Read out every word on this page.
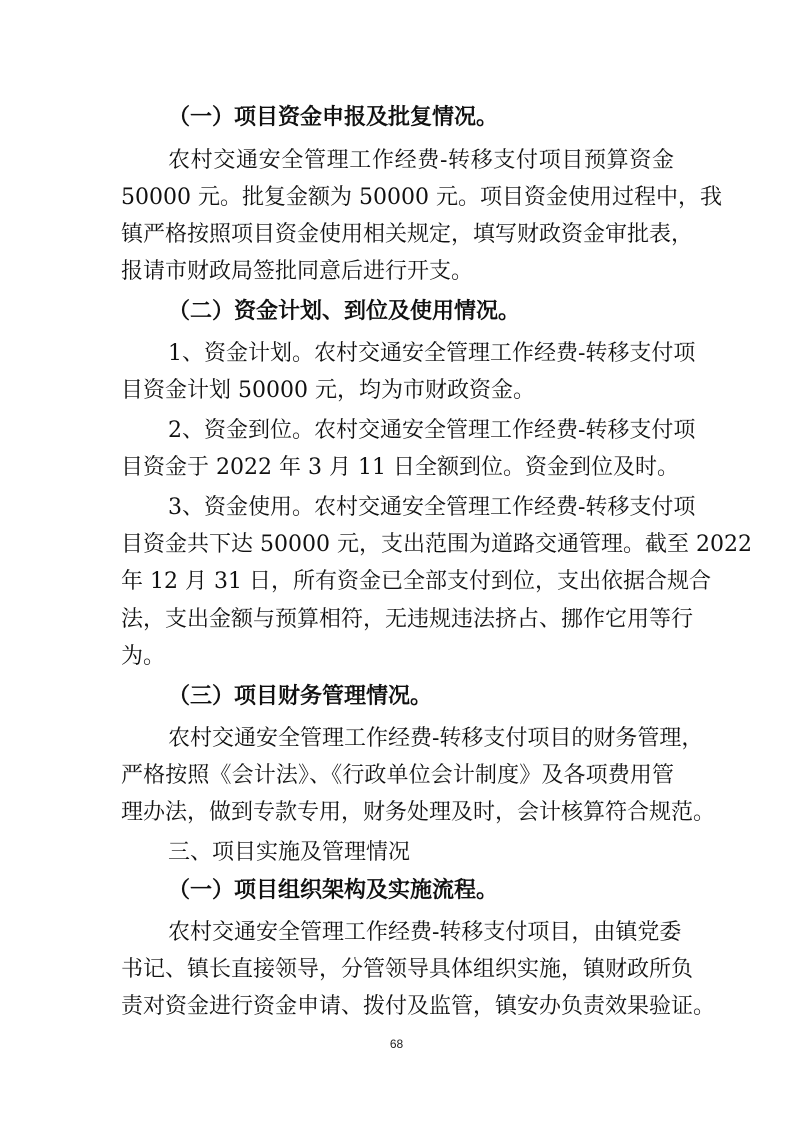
（一）项目资金申报及批复情况。
农村交通安全管理工作经费-转移支付项目预算资金
50000 元。批复金额为 50000 元。项目资金使用过程中，我
镇严格按照项目资金使用相关规定，填写财政资金审批表，
报请市财政局签批同意后进行开支。
（二）资金计划、到位及使用情况。
1、资金计划。农村交通安全管理工作经费-转移支付项
目资金计划 50000 元，均为市财政资金。
2、资金到位。农村交通安全管理工作经费-转移支付项
目资金于 2022 年 3 月 11 日全额到位。资金到位及时。
3、资金使用。农村交通安全管理工作经费-转移支付项
目资金共下达 50000 元，支出范围为道路交通管理。截至 2022
年 12 月 31 日，所有资金已全部支付到位，支出依据合规合
法，支出金额与预算相符，无违规违法挤占、挪作它用等行
为。
（三）项目财务管理情况。
农村交通安全管理工作经费-转移支付项目的财务管理，
严格按照《会计法》、《行政单位会计制度》及各项费用管
理办法，做到专款专用，财务处理及时，会计核算符合规范。
三、项目实施及管理情况
（一）项目组织架构及实施流程。
农村交通安全管理工作经费-转移支付项目，由镇党委
书记、镇长直接领导，分管领导具体组织实施，镇财政所负
责对资金进行资金申请、拨付及监管，镇安办负责效果验证。
68
